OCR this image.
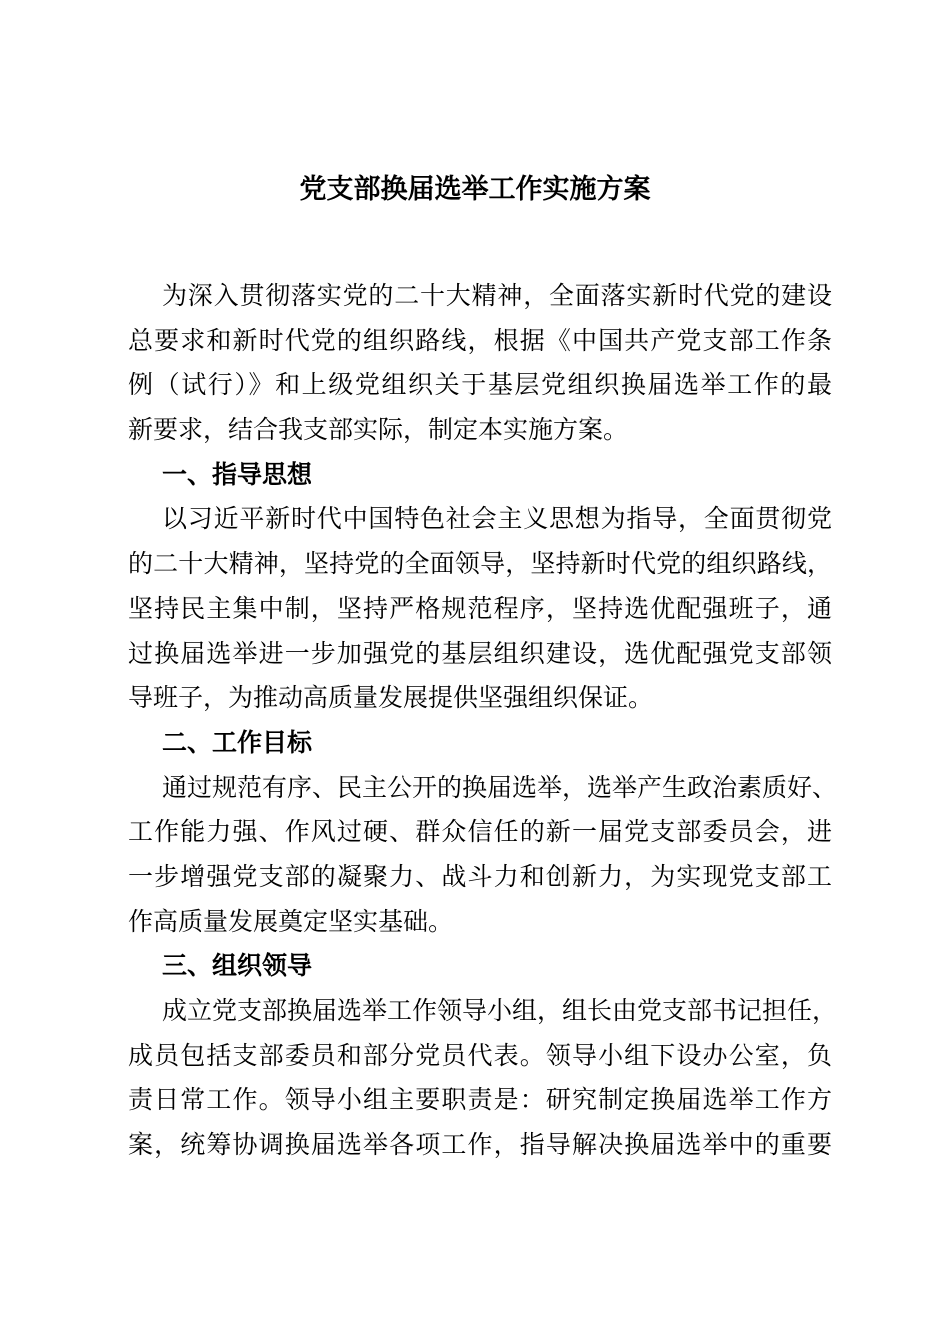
党支部换届选举工作实施方案
为深入贯彻落实党的二十大精神，全面落实新时代党的建设
总要求和新时代党的组织路线，根据《中国共产党支部工作条
例（试行）》和上级党组织关于基层党组织换届选举工作的最
新要求，结合我支部实际，制定本实施方案。
一、指导思想
以习近平新时代中国特色社会主义思想为指导，全面贯彻党
的二十大精神，坚持党的全面领导，坚持新时代党的组织路线，
坚持民主集中制，坚持严格规范程序，坚持选优配强班子，通
过换届选举进一步加强党的基层组织建设，选优配强党支部领
导班子，为推动高质量发展提供坚强组织保证。
二、工作目标
通过规范有序、民主公开的换届选举，选举产生政治素质好、
工作能力强、作风过硬、群众信任的新一届党支部委员会，进
一步增强党支部的凝聚力、战斗力和创新力，为实现党支部工
作高质量发展奠定坚实基础。
三、组织领导
成立党支部换届选举工作领导小组，组长由党支部书记担任，
成员包括支部委员和部分党员代表。领导小组下设办公室，负
责日常工作。领导小组主要职责是：研究制定换届选举工作方
案，统筹协调换届选举各项工作，指导解决换届选举中的重要
